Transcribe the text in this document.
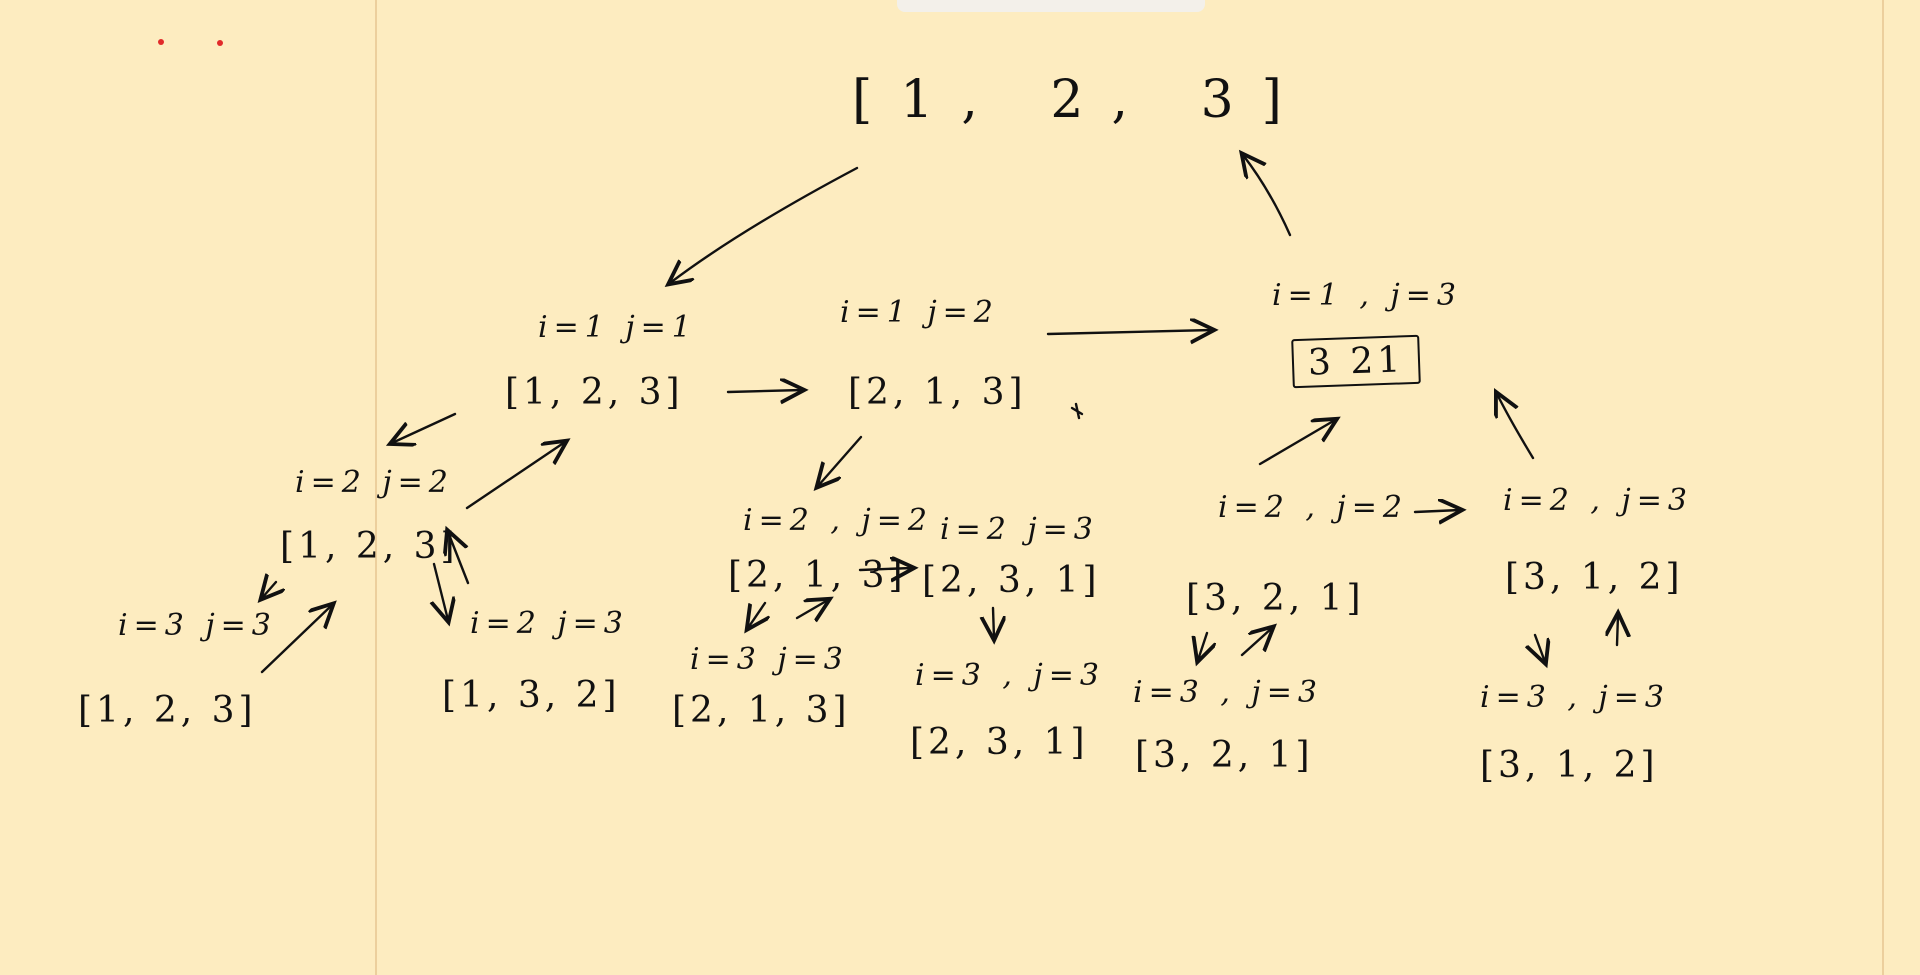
[1, 2, 3]
i=1 j=1
[1, 2, 3]
i=1 j=2
[2, 1, 3]
i=1 , j=3
3 21
i=2 j=2
[1, 2, 3]
i=2 j=3
[1, 3, 2]
i=2 , j=2
[2, 1, 3]
i=2 j=3
[2, 3, 1]
i=2 , j=2
[3, 2, 1]
i=2 , j=3
[3, 1, 2]
i=3 j=3
[1, 2, 3]
i=3 j=3
[2, 1, 3]
i=3 , j=3
[2, 3, 1]
i=3 , j=3
[3, 2, 1]
i=3 , j=3
[3, 1, 2]
